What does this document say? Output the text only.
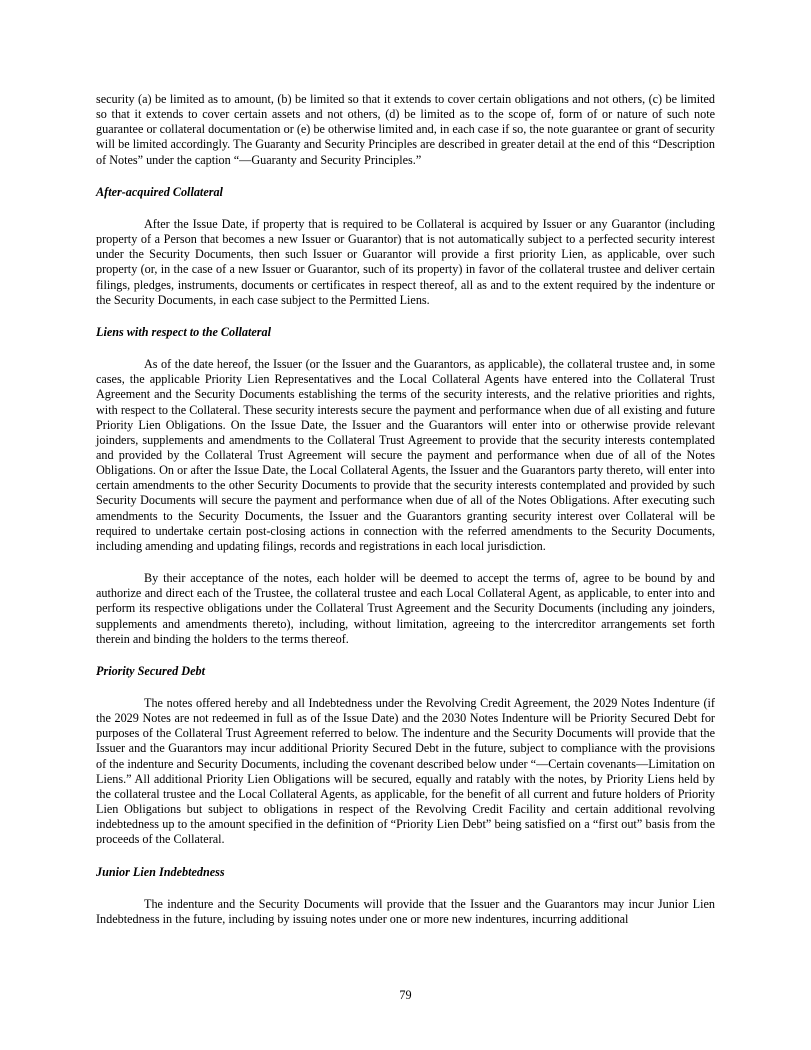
security (a) be limited as to amount, (b) be limited so that it extends to cover certain obligations and not others, (c) be limited so that it extends to cover certain assets and not others, (d) be limited as to the scope of, form of or nature of such note guarantee or collateral documentation or (e) be otherwise limited and, in each case if so, the note guarantee or grant of security will be limited accordingly. The Guaranty and Security Principles are described in greater detail at the end of this “Description of Notes” under the caption “—Guaranty and Security Principles.”

After-acquired Collateral

After the Issue Date, if property that is required to be Collateral is acquired by Issuer or any Guarantor (including property of a Person that becomes a new Issuer or Guarantor) that is not automatically subject to a perfected security interest under the Security Documents, then such Issuer or Guarantor will provide a first priority Lien, as applicable, over such property (or, in the case of a new Issuer or Guarantor, such of its property) in favor of the collateral trustee and deliver certain filings, pledges, instruments, documents or certificates in respect thereof, all as and to the extent required by the indenture or the Security Documents, in each case subject to the Permitted Liens.

Liens with respect to the Collateral

As of the date hereof, the Issuer (or the Issuer and the Guarantors, as applicable), the collateral trustee and, in some cases, the applicable Priority Lien Representatives and the Local Collateral Agents have entered into the Collateral Trust Agreement and the Security Documents establishing the terms of the security interests, and the relative priorities and rights, with respect to the Collateral. These security interests secure the payment and performance when due of all existing and future Priority Lien Obligations. On the Issue Date, the Issuer and the Guarantors will enter into or otherwise provide relevant joinders, supplements and amendments to the Collateral Trust Agreement to provide that the security interests contemplated and provided by the Collateral Trust Agreement will secure the payment and performance when due of all of the Notes Obligations. On or after the Issue Date, the Local Collateral Agents, the Issuer and the Guarantors party thereto, will enter into certain amendments to the other Security Documents to provide that the security interests contemplated and provided by such Security Documents will secure the payment and performance when due of all of the Notes Obligations. After executing such amendments to the Security Documents, the Issuer and the Guarantors granting security interest over Collateral will be required to undertake certain post-closing actions in connection with the referred amendments to the Security Documents, including amending and updating filings, records and registrations in each local jurisdiction.

By their acceptance of the notes, each holder will be deemed to accept the terms of, agree to be bound by and authorize and direct each of the Trustee, the collateral trustee and each Local Collateral Agent, as applicable, to enter into and perform its respective obligations under the Collateral Trust Agreement and the Security Documents (including any joinders, supplements and amendments thereto), including, without limitation, agreeing to the intercreditor arrangements set forth therein and binding the holders to the terms thereof.

Priority Secured Debt

The notes offered hereby and all Indebtedness under the Revolving Credit Agreement, the 2029 Notes Indenture (if the 2029 Notes are not redeemed in full as of the Issue Date) and the 2030 Notes Indenture will be Priority Secured Debt for purposes of the Collateral Trust Agreement referred to below. The indenture and the Security Documents will provide that the Issuer and the Guarantors may incur additional Priority Secured Debt in the future, subject to compliance with the provisions of the indenture and Security Documents, including the covenant described below under “—Certain covenants—Limitation on Liens.” All additional Priority Lien Obligations will be secured, equally and ratably with the notes, by Priority Liens held by the collateral trustee and the Local Collateral Agents, as applicable, for the benefit of all current and future holders of Priority Lien Obligations but subject to obligations in respect of the Revolving Credit Facility and certain additional revolving indebtedness up to the amount specified in the definition of “Priority Lien Debt” being satisfied on a “first out” basis from the proceeds of the Collateral.

Junior Lien Indebtedness

The indenture and the Security Documents will provide that the Issuer and the Guarantors may incur Junior Lien Indebtedness in the future, including by issuing notes under one or more new indentures, incurring additional

79
